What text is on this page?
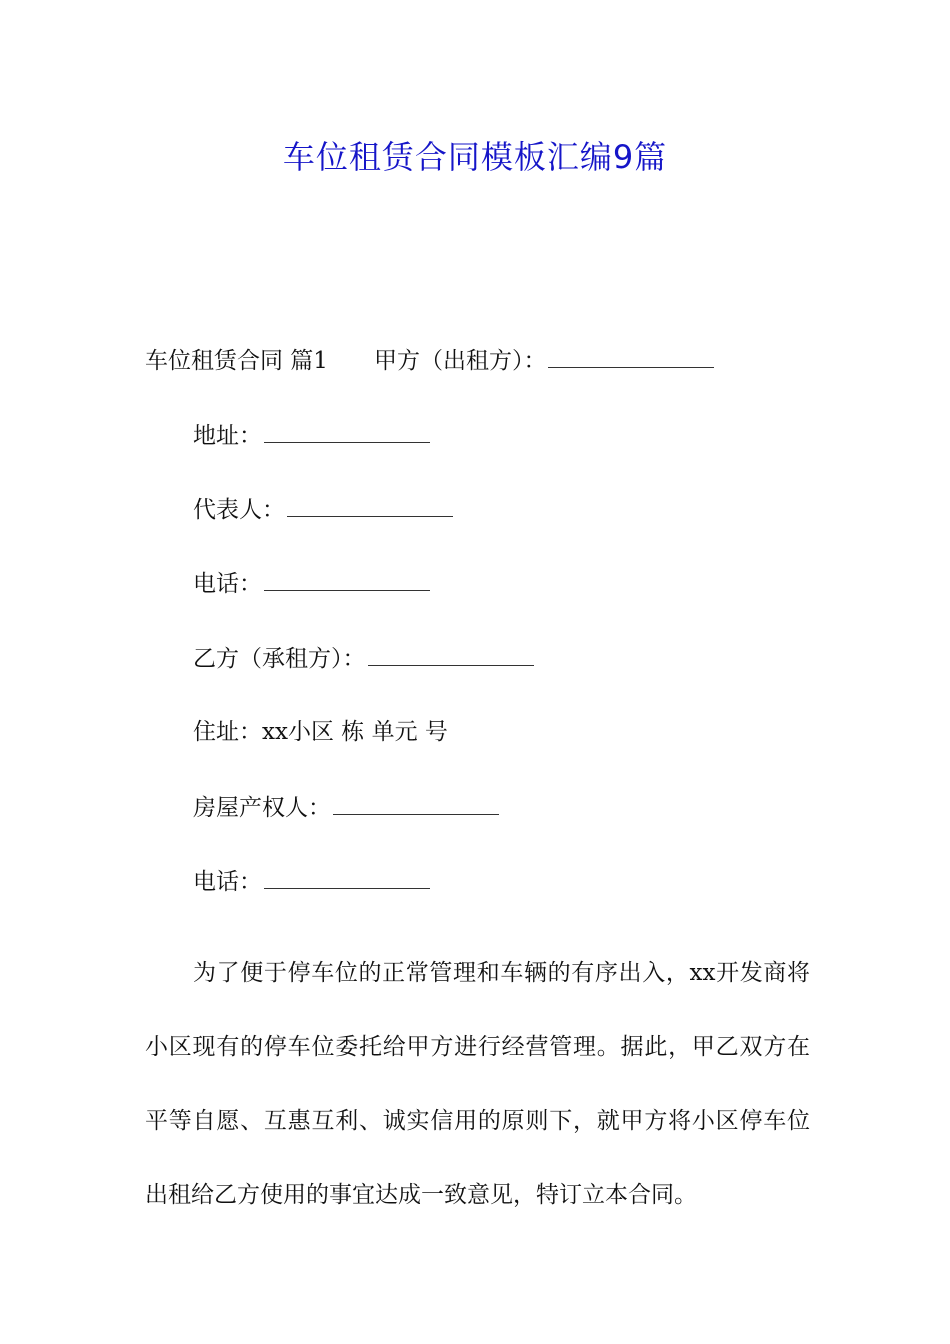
车位租赁合同模板汇编9篇
车位租赁合同 篇1 甲方（出租方）：
地址：
代表人：
电话：
乙方（承租方）：
住址：xx小区 栋 单元 号
房屋产权人：
电话：

为了便于停车位的正常管理和车辆的有序出入，xx开发商将小区现有的停车位委托给甲方进行经营管理。据此，甲乙双方在平等自愿、互惠互利、诚实信用的原则下，就甲方将小区停车位出租给乙方使用的事宜达成一致意见，特订立本合同。
